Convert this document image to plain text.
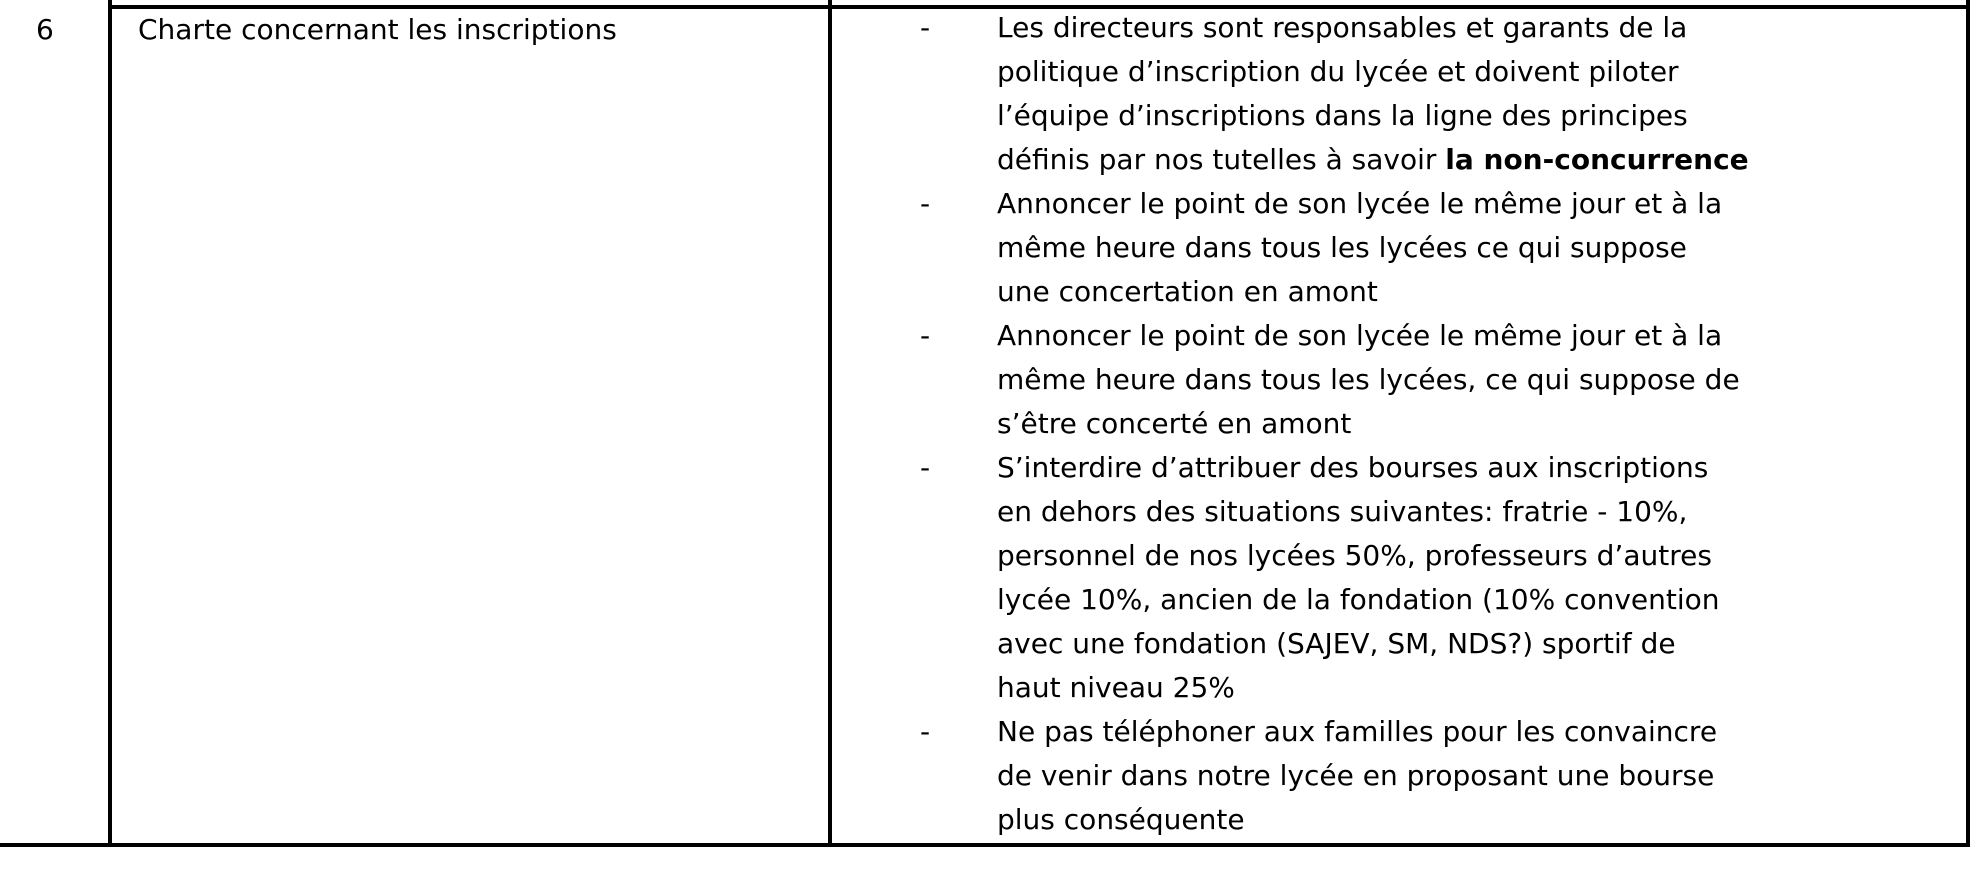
6	Charte concernant les inscriptions	- Les directeurs sont responsables et garants de la
politique d’inscription du lycée et doivent piloter
l’équipe d’inscriptions dans la ligne des principes
définis par nos tutelles à savoir la non-concurrence
- Annoncer le point de son lycée le même jour et à la
même heure dans tous les lycées ce qui suppose
une concertation en amont
- Annoncer le point de son lycée le même jour et à la
même heure dans tous les lycées, ce qui suppose de
s’être concerté en amont
- S’interdire d’attribuer des bourses aux inscriptions
en dehors des situations suivantes: fratrie - 10%,
personnel de nos lycées 50%, professeurs d’autres
lycée 10%, ancien de la fondation (10% convention
avec une fondation (SAJEV, SM, NDS?) sportif de
haut niveau 25%
- Ne pas téléphoner aux familles pour les convaincre
de venir dans notre lycée en proposant une bourse
plus conséquente
